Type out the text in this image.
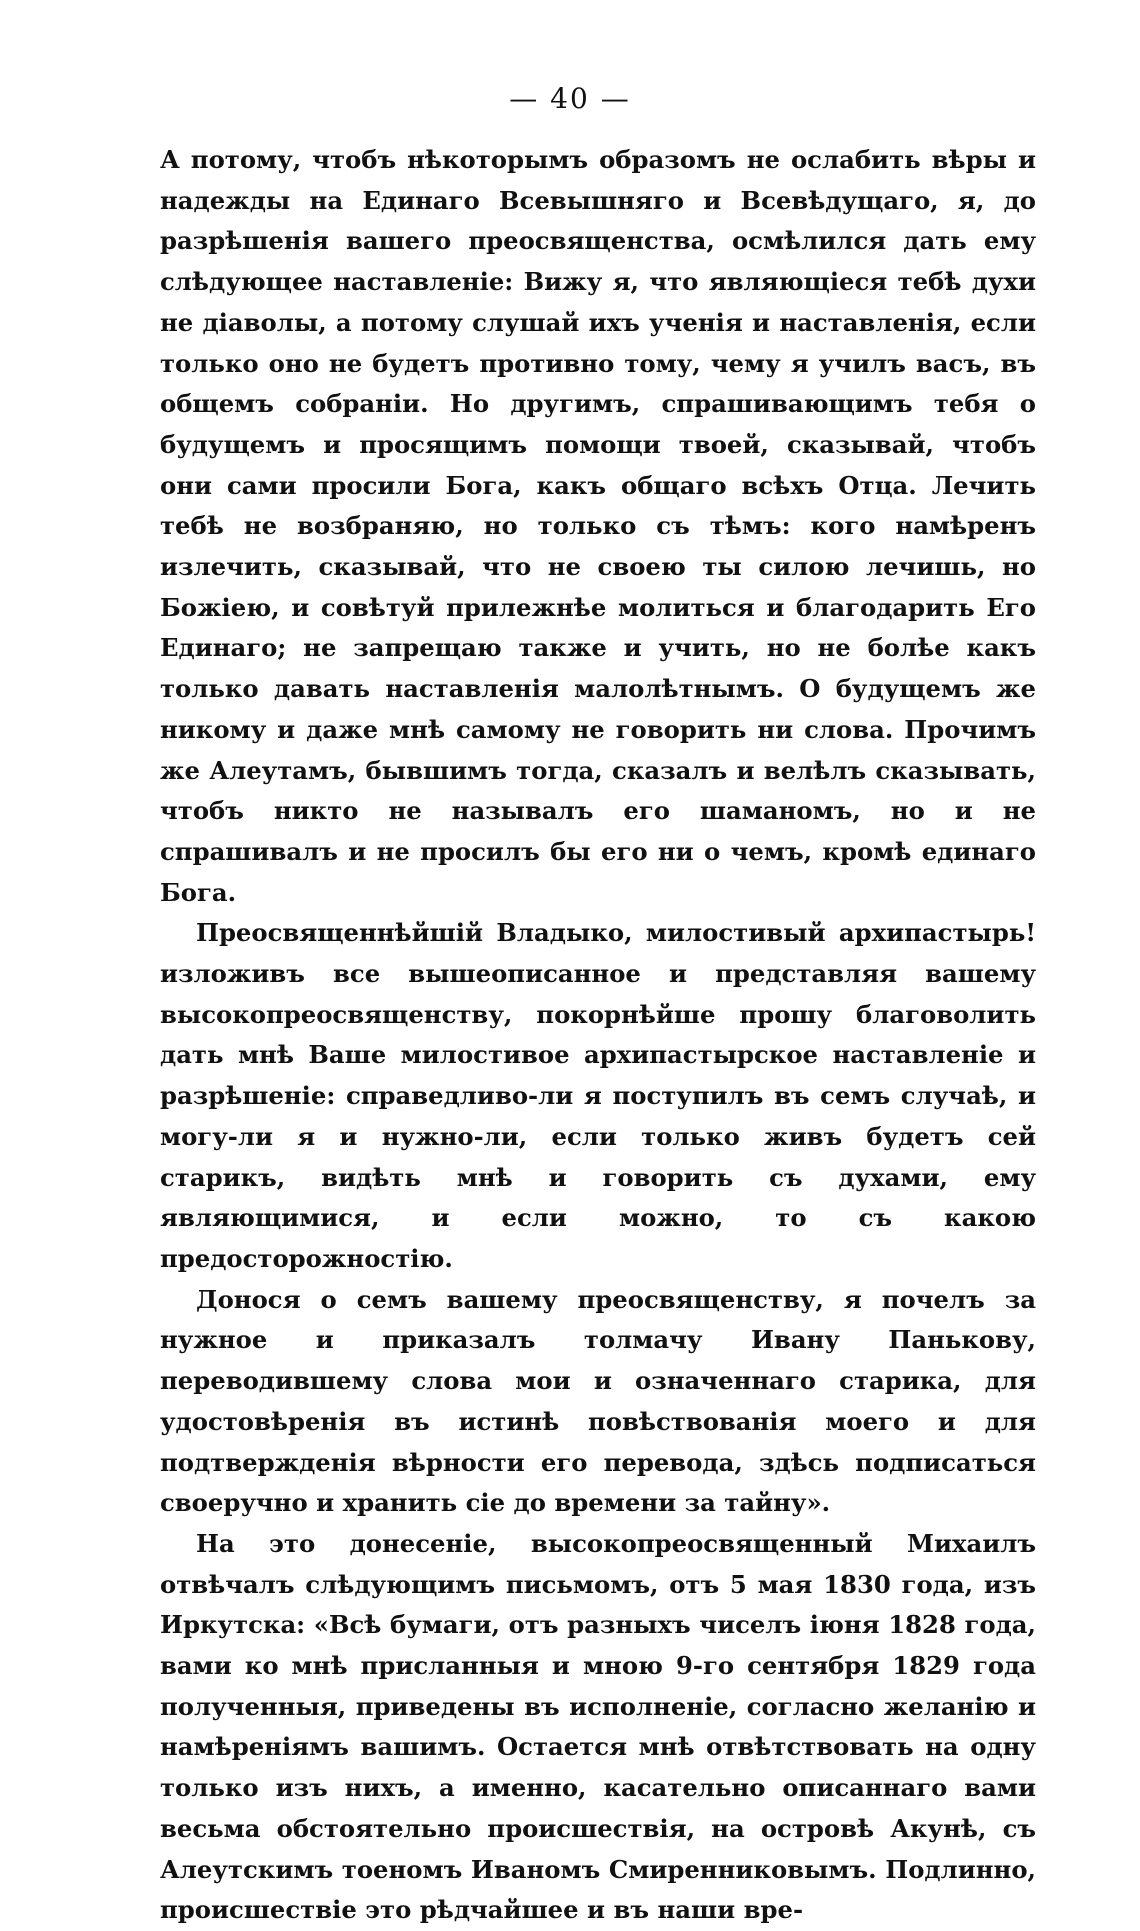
— 40 —

А потому, чтобъ нѣкоторымъ образомъ не ослабить вѣры и надежды на Единаго Всевышняго и Всевѣдущаго, я, до разрѣшенія вашего преосвященства, осмѣлился дать ему слѣдующее наставленіе: Вижу я, что являющіеся тебѣ духи не діаволы, а потому слушай ихъ ученія и наставленія, если только оно не будетъ противно тому, чему я училъ васъ, въ общемъ собраніи. Но другимъ, спрашивающимъ тебя о будущемъ и просящимъ помощи твоей, сказывай, чтобъ они сами просили Бога, какъ общаго всѣхъ Отца. Лечить тебѣ не возбраняю, но только съ тѣмъ: кого намѣренъ излечить, сказывай, что не своею ты силою лечишь, но Божіею, и совѣтуй прилежнѣе молиться и благодарить Его Единаго; не запрещаю также и учить, но не болѣе какъ только давать наставленія малолѣтнымъ. О будущемъ же никому и даже мнѣ самому не говорить ни слова. Прочимъ же Алеутамъ, бывшимъ тогда, сказалъ и велѣлъ сказывать, чтобъ никто не называлъ его шаманомъ, но и не спрашивалъ и не просилъ бы его ни о чемъ, кромѣ единаго Бога.

Преосвященнѣйшій Владыко, милостивый архипастырь! изложивъ все вышеописанное и представляя вашему высокопреосвященству, покорнѣйше прошу благоволить дать мнѣ Ваше милостивое архипастырское наставленіе и разрѣшеніе: справедливо-ли я поступилъ въ семъ случаѣ, и могу-ли я и нужно-ли, если только живъ будетъ сей старикъ, видѣть мнѣ и говорить съ духами, ему являющимися, и если можно, то съ какою предосторожностію.

Донося о семъ вашему преосвященству, я почелъ за нужное и приказалъ толмачу Ивану Панькову, переводившему слова мои и означеннаго старика, для удостовѣренія въ истинѣ повѣствованія моего и для подтвержденія вѣрности его перевода, здѣсь подписаться своеручно и хранить сіе до времени за тайну».

На это донесеніе, высокопреосвященный Михаилъ отвѣчалъ слѣдующимъ письмомъ, отъ 5 мая 1830 года, изъ Иркутска: «Всѣ бумаги, отъ разныхъ чиселъ іюня 1828 года, вами ко мнѣ присланныя и мною 9-го сентября 1829 года полученныя, приведены въ исполненіе, согласно желанію и намѣреніямъ вашимъ. Остается мнѣ отвѣтствовать на одну только изъ нихъ, а именно, касательно описаннаго вами весьма обстоятельно происшествія, на островѣ Акунѣ, съ Алеутскимъ тоеномъ Иваномъ Смиренниковымъ. Подлинно, происшествіе это рѣдчайшее и въ наши вре-
